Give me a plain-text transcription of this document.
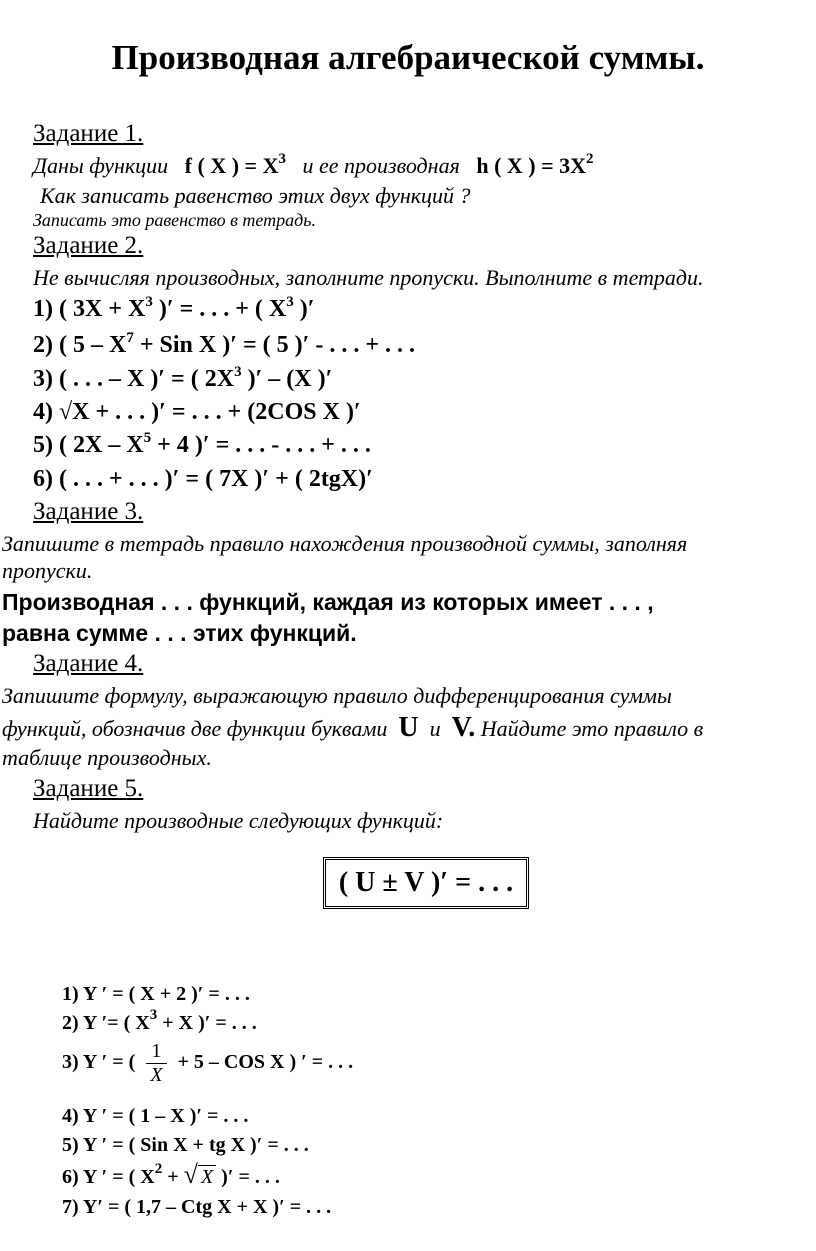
Производная алгебраической суммы.
Задание 1.
Даны функции f ( X ) = $X^3$ и ее производная h ( X ) = $3X^2$
Как записать равенство этих двух функций ?
Записать это равенство в тетрадь.
Задание 2.
Не вычисляя производных, заполните пропуски. Выполните в тетради.
1) ( $3X + X^3$ )′ = . . . + ( $X^3$ )′
2) ( $5 - X^7$ + Sin X )′ = ( 5 )′ - . . . + . . .
3) ( . . . – X )′ = ( $2X^3$ )′ – (X )′
4) √X + . . . )′ = . . . + (2COS X )′
5) ( $2X - X^5 + 4$ )′ = . . . - . . . + . . .
6) ( . . . + . . . )′ = ( 7X )′ + ( 2tgX)′
Задание 3.
Запишите в тетрадь правило нахождения производной суммы, заполняя
пропуски.
Производная . . . функций, каждая из которых имеет . . . ,
равна сумме . . . этих функций.
Задание 4.
Запишите формулу, выражающую правило дифференцирования суммы
функций, обозначив две функции буквами U и V. Найдите это правило в
таблице производных.
Задание 5.
Найдите производные следующих функций:
( U ± V )′ = . . .
1) Y ′ = ( X + 2 )′ = . . .
2) Y ′= ( $X^3 + X$ )′ = . . .
3) Y ′ = ( $\frac{1}{X} + 5$ – COS X ) ′ = . . .
4) Y ′ = ( 1 – X )′ = . . .
5) Y ′ = ( Sin X + tg X )′ = . . .
6) Y ′ = ( $X^2$ + √ X )′ = . . .
7) Y′ = ( 1,7 – Ctg X + X )′ = . . .
